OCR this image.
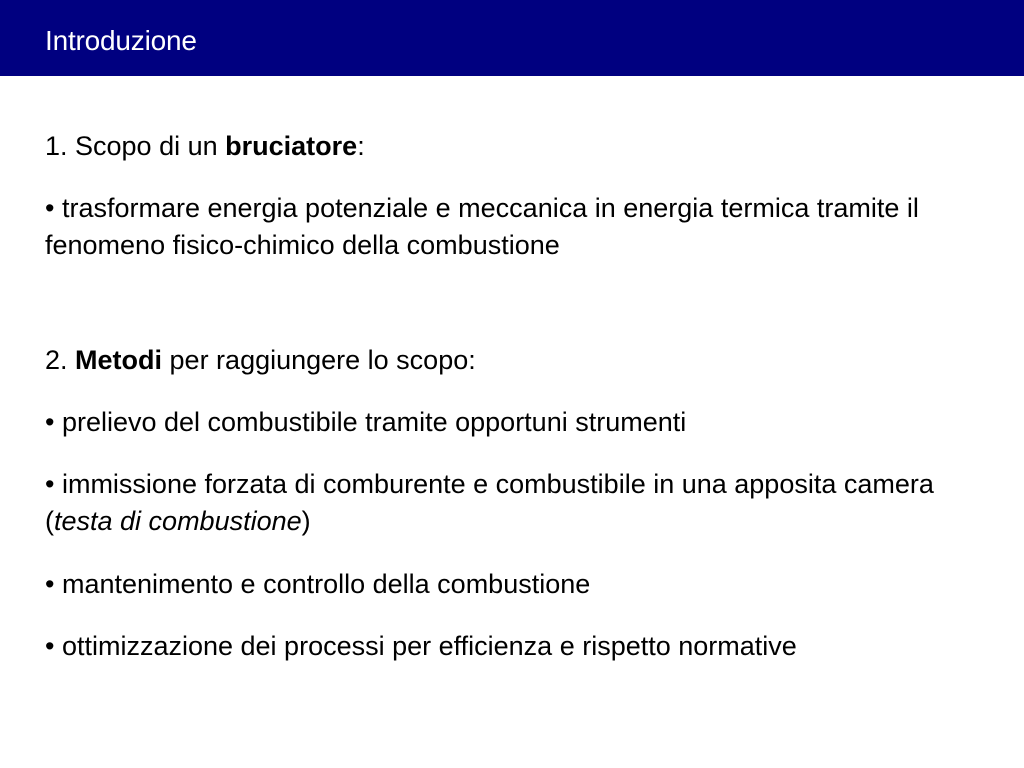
Introduzione

1. Scopo di un bruciatore:

• trasformare energia potenziale e meccanica in energia termica tramite il fenomeno fisico-chimico della combustione

2. Metodi per raggiungere lo scopo:

• prelievo del combustibile tramite opportuni strumenti

• immissione forzata di comburente e combustibile in una apposita camera (testa di combustione)

• mantenimento e controllo della combustione

• ottimizzazione dei processi per efficienza e rispetto normative
